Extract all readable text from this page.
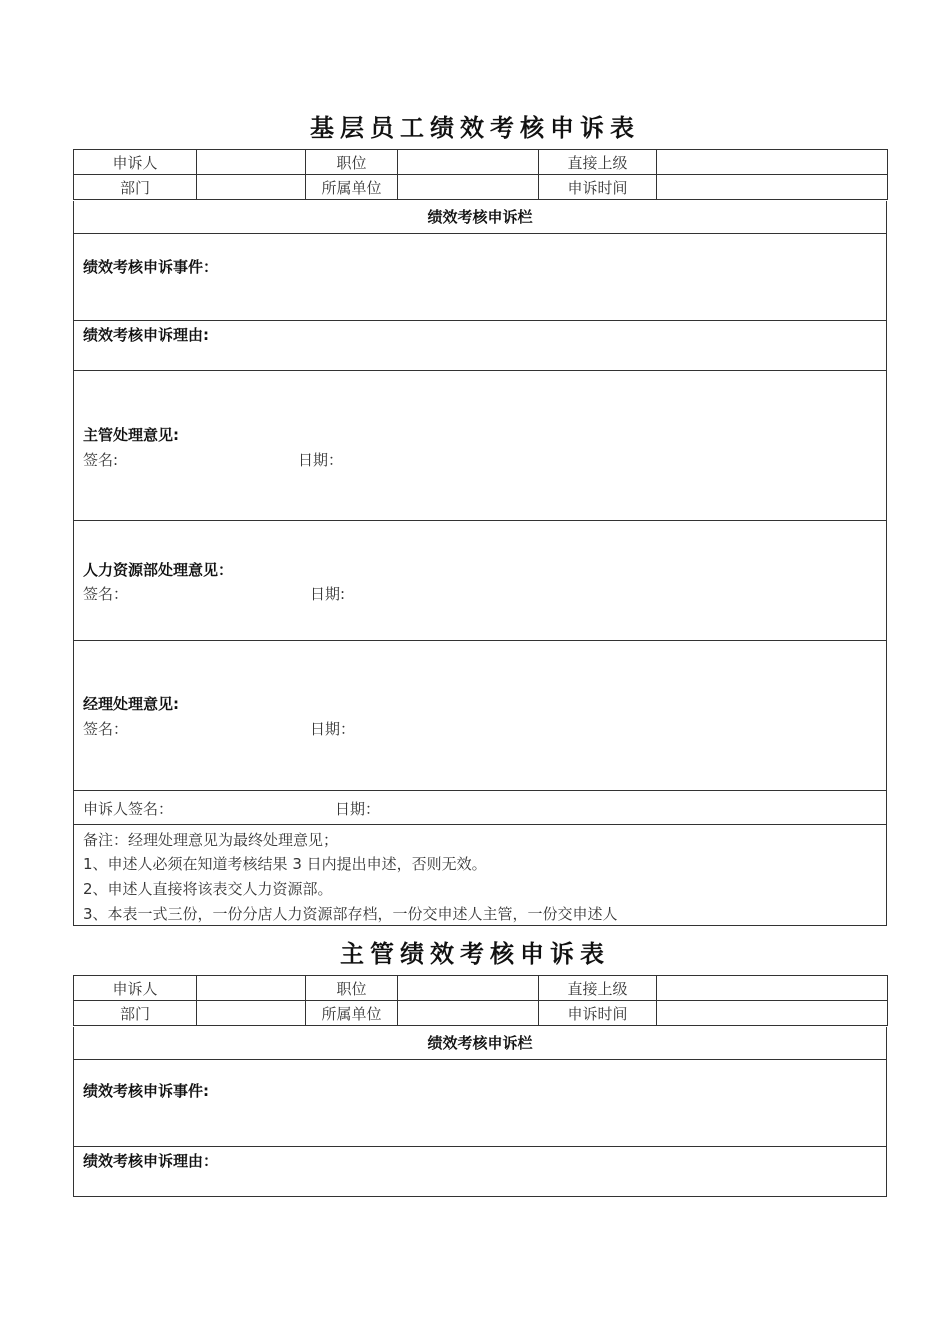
基层员工绩效考核申诉表
申诉人		职位		直接上级	
部门		所属单位		申诉时间	
绩效考核申诉栏
绩效考核申诉事件：
绩效考核申诉理由:
主管处理意见:
签名:	日期：
人力资源部处理意见：
签名：	日期:
经理处理意见:
签名：	日期：
申诉人签名：	日期：
备注：经理处理意见为最终处理意见；
1、申述人必须在知道考核结果 3 日内提出申述，否则无效。
2、申述人直接将该表交人力资源部。
3、本表一式三份，一份分店人力资源部存档，一份交申述人主管，一份交申述人
主管绩效考核申诉表
申诉人		职位		直接上级	
部门		所属单位		申诉时间	
绩效考核申诉栏
绩效考核申诉事件:
绩效考核申诉理由：
